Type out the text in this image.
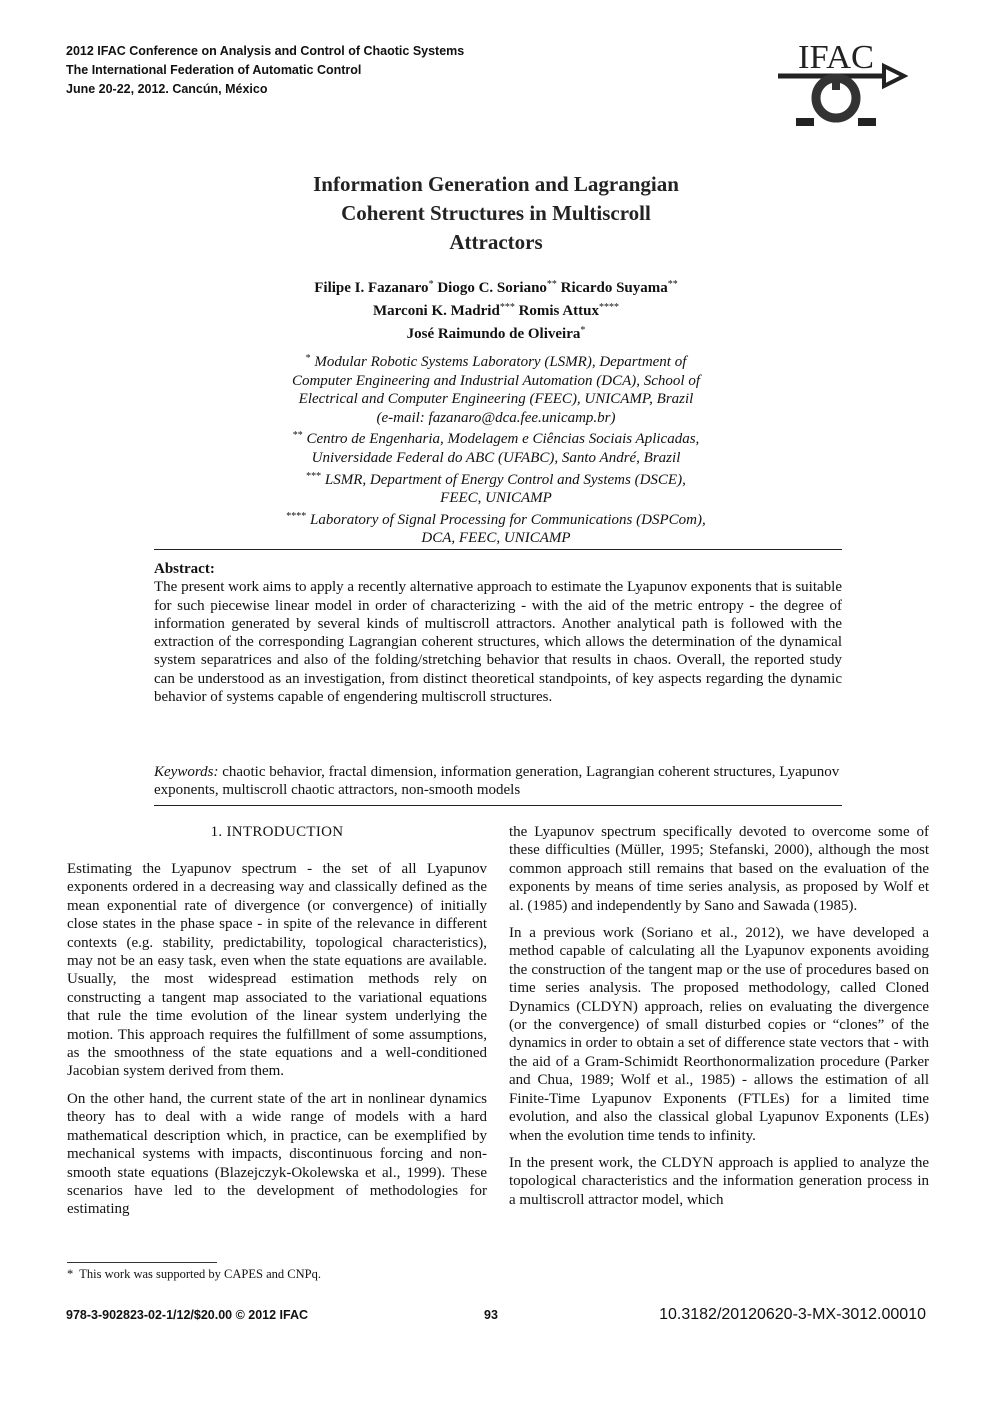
2012 IFAC Conference on Analysis and Control of Chaotic Systems
The International Federation of Automatic Control
June 20-22, 2012. Cancún, México
IFAC
Information Generation and Lagrangian
Coherent Structures in Multiscroll
Attractors
Filipe I. Fazanaro* Diogo C. Soriano** Ricardo Suyama**
Marconi K. Madrid*** Romis Attux****
José Raimundo de Oliveira*
* Modular Robotic Systems Laboratory (LSMR), Department of
Computer Engineering and Industrial Automation (DCA), School of
Electrical and Computer Engineering (FEEC), UNICAMP, Brazil
(e-mail: fazanaro@dca.fee.unicamp.br)
** Centro de Engenharia, Modelagem e Ciências Sociais Aplicadas,
Universidade Federal do ABC (UFABC), Santo André, Brazil
*** LSMR, Department of Energy Control and Systems (DSCE),
FEEC, UNICAMP
**** Laboratory of Signal Processing for Communications (DSPCom),
DCA, FEEC, UNICAMP
Abstract:
The present work aims to apply a recently alternative approach to estimate the Lyapunov exponents that is suitable for such piecewise linear model in order of characterizing - with the aid of the metric entropy - the degree of information generated by several kinds of multiscroll attractors. Another analytical path is followed with the extraction of the corresponding Lagrangian coherent structures, which allows the determination of the dynamical system separatrices and also of the folding/stretching behavior that results in chaos. Overall, the reported study can be understood as an investigation, from distinct theoretical standpoints, of key aspects regarding the dynamic behavior of systems capable of engendering multiscroll structures.
Keywords: chaotic behavior, fractal dimension, information generation, Lagrangian coherent structures, Lyapunov exponents, multiscroll chaotic attractors, non-smooth models
1. INTRODUCTION

Estimating the Lyapunov spectrum - the set of all Lyapunov exponents ordered in a decreasing way and classically defined as the mean exponential rate of divergence (or convergence) of initially close states in the phase space - in spite of the relevance in different contexts (e.g. stability, predictability, topological characteristics), may not be an easy task, even when the state equations are available. Usually, the most widespread estimation methods rely on constructing a tangent map associated to the variational equations that rule the time evolution of the linear system underlying the motion. This approach requires the fulfillment of some assumptions, as the smoothness of the state equations and a well-conditioned Jacobian system derived from them.

On the other hand, the current state of the art in nonlinear dynamics theory has to deal with a wide range of models with a hard mathematical description which, in practice, can be exemplified by mechanical systems with impacts, discontinuous forcing and non-smooth state equations (Blazejczyk-Okolewska et al., 1999). These scenarios have led to the development of methodologies for estimating

the Lyapunov spectrum specifically devoted to overcome some of these difficulties (Müller, 1995; Stefanski, 2000), although the most common approach still remains that based on the evaluation of the exponents by means of time series analysis, as proposed by Wolf et al. (1985) and independently by Sano and Sawada (1985).

In a previous work (Soriano et al., 2012), we have developed a method capable of calculating all the Lyapunov exponents avoiding the construction of the tangent map or the use of procedures based on time series analysis. The proposed methodology, called Cloned Dynamics (CLDYN) approach, relies on evaluating the divergence (or the convergence) of small disturbed copies or “clones” of the dynamics in order to obtain a set of difference state vectors that - with the aid of a Gram-Schimidt Reorthonormalization procedure (Parker and Chua, 1989; Wolf et al., 1985) - allows the estimation of all Finite-Time Lyapunov Exponents (FTLEs) for a limited time evolution, and also the classical global Lyapunov Exponents (LEs) when the evolution time tends to infinity.

In the present work, the CLDYN approach is applied to analyze the topological characteristics and the information generation process in a multiscroll attractor model, which

* This work was supported by CAPES and CNPq.
978-3-902823-02-1/12/$20.00 © 2012 IFAC	93	10.3182/20120620-3-MX-3012.00010
